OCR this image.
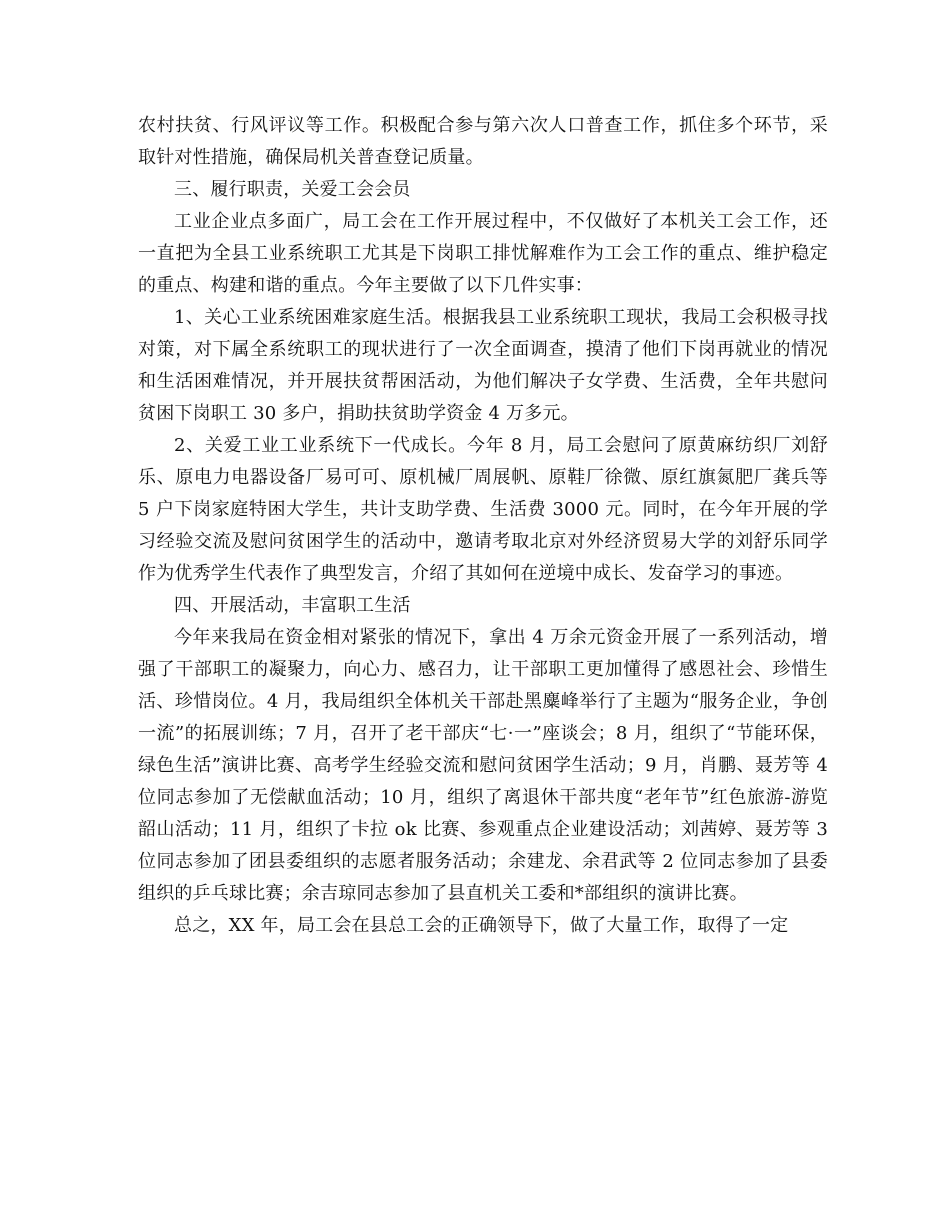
农村扶贫、行风评议等工作。积极配合参与第六次人口普查工作，抓住多个环节，采取针对性措施，确保局机关普查登记质量。

三、履行职责，关爱工会会员

工业企业点多面广，局工会在工作开展过程中，不仅做好了本机关工会工作，还一直把为全县工业系统职工尤其是下岗职工排忧解难作为工会工作的重点、维护稳定的重点、构建和谐的重点。今年主要做了以下几件实事：

1、关心工业系统困难家庭生活。根据我县工业系统职工现状，我局工会积极寻找对策，对下属全系统职工的现状进行了一次全面调查，摸清了他们下岗再就业的情况和生活困难情况，并开展扶贫帮困活动，为他们解决子女学费、生活费，全年共慰问贫困下岗职工 30 多户，捐助扶贫助学资金 4 万多元。

2、关爱工业工业系统下一代成长。今年 8 月，局工会慰问了原黄麻纺织厂刘舒乐、原电力电器设备厂易可可、原机械厂周展帆、原鞋厂徐微、原红旗氮肥厂龚兵等 5 户下岗家庭特困大学生，共计支助学费、生活费 3000 元。同时，在今年开展的学习经验交流及慰问贫困学生的活动中，邀请考取北京对外经济贸易大学的刘舒乐同学作为优秀学生代表作了典型发言，介绍了其如何在逆境中成长、发奋学习的事迹。

四、开展活动，丰富职工生活

今年来我局在资金相对紧张的情况下，拿出 4 万余元资金开展了一系列活动，增强了干部职工的凝聚力，向心力、感召力，让干部职工更加懂得了感恩社会、珍惜生活、珍惜岗位。4 月，我局组织全体机关干部赴黑麋峰举行了主题为“服务企业，争创一流”的拓展训练；7 月，召开了老干部庆“七·一”座谈会；8 月，组织了“节能环保，绿色生活”演讲比赛、高考学生经验交流和慰问贫困学生活动；9 月，肖鹏、聂芳等 4 位同志参加了无偿献血活动；10 月，组织了离退休干部共度“老年节”红色旅游-游览韶山活动；11 月，组织了卡拉 ok 比赛、参观重点企业建设活动；刘茜婷、聂芳等 3 位同志参加了团县委组织的志愿者服务活动；余建龙、余君武等 2 位同志参加了县委组织的乒乓球比赛；余吉琼同志参加了县直机关工委和*部组织的演讲比赛。

总之，XX 年，局工会在县总工会的正确领导下，做了大量工作，取得了一定
